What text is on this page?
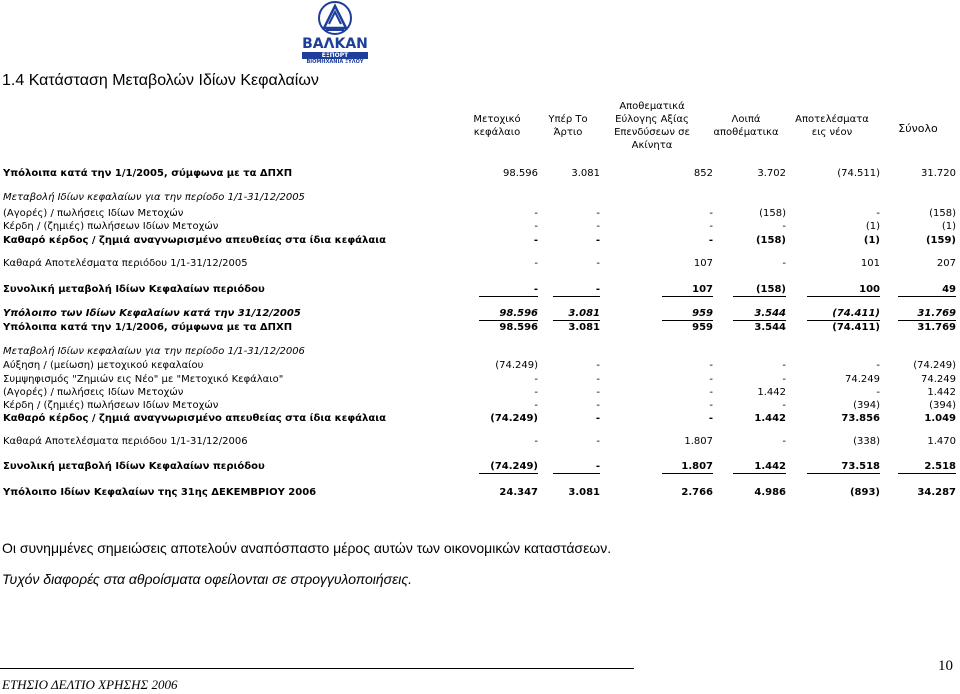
ΒΑΛΚΑΝ
ΕΞΠΟΡΤ
ΒΙΟΜΗΧΑΝΙΑ ΞΥΛΟΥ
1.4 Κατάσταση Μεταβολών Ιδίων Κεφαλαίων
Μετοχικό
κεφάλαιο
Υπέρ Το
Άρτιο
Αποθεματικά
Εύλογης Αξίας
Επενδύσεων σε
Ακίνητα
Λοιπά
αποθέματικα
Αποτελέσματα
εις νέον	Σύνολο
Υπόλοιπα κατά την 1/1/2005, σύμφωνα με τα ΔΠΧΠ	98.596	3.081	852	3.702	(74.511)	31.720
Μεταβολή Ιδίων κεφαλαίων για την περίοδο 1/1-31/12/2005
(Αγορές) / πωλήσεις Ιδίων Μετοχών	-	-	-	(158)	-	(158)
Κέρδη / (ζημιές) πωλήσεων Ιδίων Μετοχών	-	-	-	-	(1)	(1)
Καθαρό κέρδος / ζημιά αναγνωρισμένο απευθείας στα ίδια κεφάλαια	-	-	-	(158)	(1)	(159)
Καθαρά Αποτελέσματα περιόδου 1/1-31/12/2005	-	-	107	-	101	207
Συνολική μεταβολή Ιδίων Κεφαλαίων περιόδου	-	-	107	(158)	100	49
Υπόλοιπο των Ιδίων Κεφαλαίων κατά την 31/12/2005	98.596	3.081	959	3.544	(74.411)	31.769
Υπόλοιπα κατά την 1/1/2006, σύμφωνα με τα ΔΠΧΠ	98.596	3.081	959	3.544	(74.411)	31.769
Μεταβολή Ιδίων κεφαλαίων για την περίοδο 1/1-31/12/2006
Αύξηση / (μείωση) μετοχικού κεφαλαίου	(74.249)	-	-	-	-	(74.249)
Συμψηφισμός "Ζημιών εις Νέο" με "Μετοχικό Κεφάλαιο"	-	-	-	-	74.249	74.249
(Αγορές) / πωλήσεις Ιδίων Μετοχών	-	-	-	1.442	-	1.442
Κέρδη / (ζημιές) πωλήσεων Ιδίων Μετοχών	-	-	-	-	(394)	(394)
Καθαρό κέρδος / ζημιά αναγνωρισμένο απευθείας στα ίδια κεφάλαια	(74.249)	-	-	1.442	73.856	1.049
Καθαρά Αποτελέσματα περιόδου 1/1-31/12/2006	-	-	1.807	-	(338)	1.470
Συνολική μεταβολή Ιδίων Κεφαλαίων περιόδου	(74.249)	-	1.807	1.442	73.518	2.518
Υπόλοιπο Ιδίων Κεφαλαίων της 31ης ΔΕΚΕΜΒΡΙΟΥ 2006	24.347	3.081	2.766	4.986	(893)	34.287
Οι συνημμένες σημειώσεις αποτελούν αναπόσπαστο μέρος αυτών των οικονομικών καταστάσεων.
Τυχόν διαφορές στα αθροίσματα οφείλονται σε στρογγυλοποιήσεις.
ΕΤΗΣΙΟ ΔΕΛΤΙΟ ΧΡΗΣΗΣ 2006
10
